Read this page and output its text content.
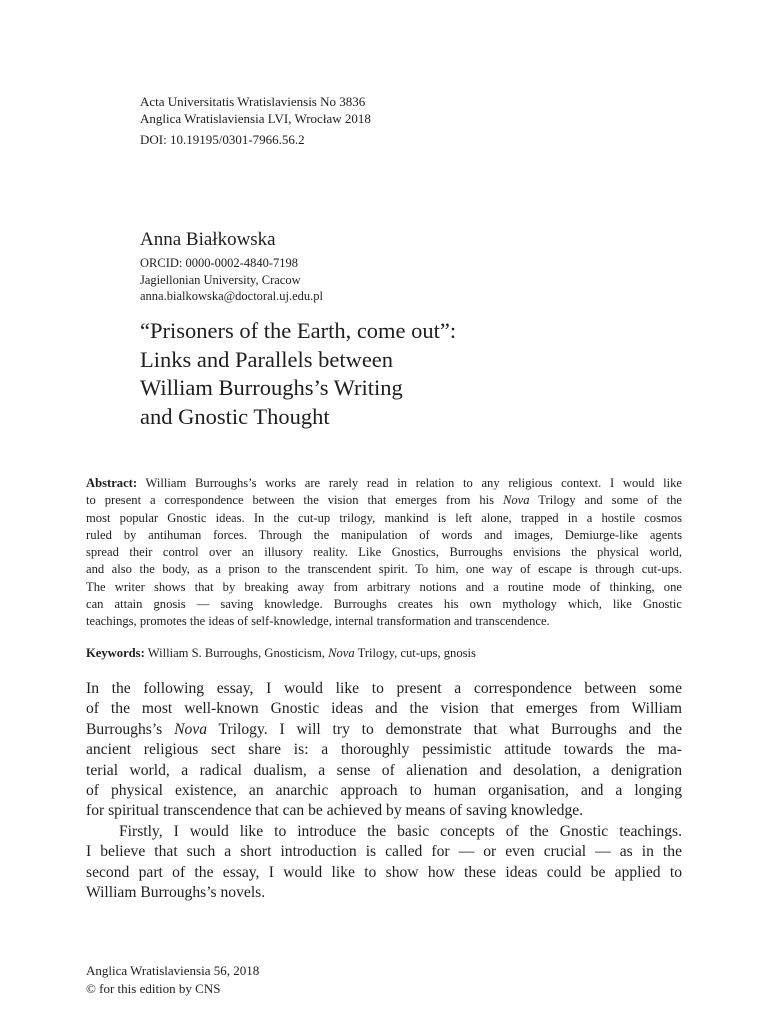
Acta Universitatis Wratislaviensis No 3836
Anglica Wratislaviensia LVI, Wrocław 2018
DOI: 10.19195/0301-7966.56.2
Anna Białkowska
ORCID: 0000-0002-4840-7198
Jagiellonian University, Cracow
anna.bialkowska@doctoral.uj.edu.pl
“Prisoners of the Earth, come out”:
Links and Parallels between
William Burroughs’s Writing
and Gnostic Thought
Abstract: William Burroughs’s works are rarely read in relation to any religious context. I would like
to present a correspondence between the vision that emerges from his Nova Trilogy and some of the
most popular Gnostic ideas. In the cut-up trilogy, mankind is left alone, trapped in a hostile cosmos
ruled by antihuman forces. Through the manipulation of words and images, Demiurge-like agents
spread their control over an illusory reality. Like Gnostics, Burroughs envisions the physical world,
and also the body, as a prison to the transcendent spirit. To him, one way of escape is through cut-ups.
The writer shows that by breaking away from arbitrary notions and a routine mode of thinking, one
can attain gnosis — saving knowledge. Burroughs creates his own mythology which, like Gnostic
teachings, promotes the ideas of self-knowledge, internal transformation and transcendence.
Keywords: William S. Burroughs, Gnosticism, Nova Trilogy, cut-ups, gnosis
In the following essay, I would like to present a correspondence between some
of the most well-known Gnostic ideas and the vision that emerges from William
Burroughs’s Nova Trilogy. I will try to demonstrate that what Burroughs and the
ancient religious sect share is: a thoroughly pessimistic attitude towards the ma-
terial world, a radical dualism, a sense of alienation and desolation, a denigration
of physical existence, an anarchic approach to human organisation, and a longing
for spiritual transcendence that can be achieved by means of saving knowledge.
Firstly, I would like to introduce the basic concepts of the Gnostic teachings.
I believe that such a short introduction is called for — or even crucial — as in the
second part of the essay, I would like to show how these ideas could be applied to
William Burroughs’s novels.
Anglica Wratislaviensia 56, 2018
© for this edition by CNS
